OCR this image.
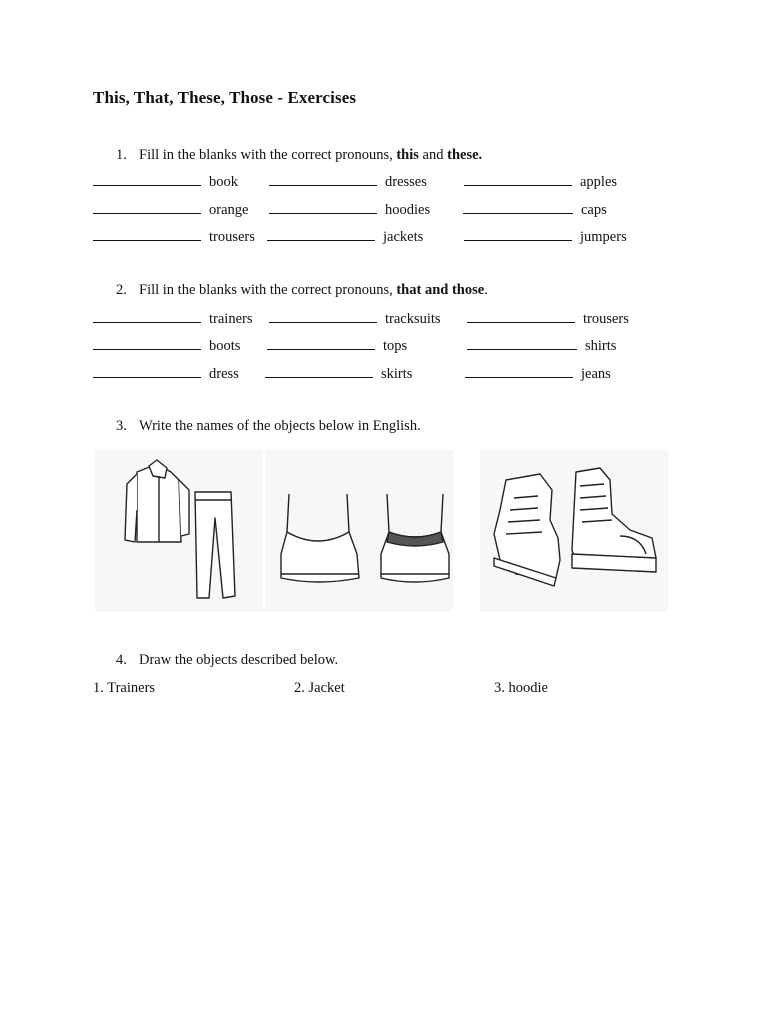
This, That, These, Those - Exercises
1. Fill in the blanks with the correct pronouns, this and these.
book	dresses	apples
orange	hoodies	caps
trousers	jackets	jumpers
2. Fill in the blanks with the correct pronouns, that and those.
trainers	tracksuits	trousers
boots	tops	shirts
dress	skirts	jeans
3. Write the names of the objects below in English.
4. Draw the objects described below.
1. Trainers	2. Jacket	3. hoodie
